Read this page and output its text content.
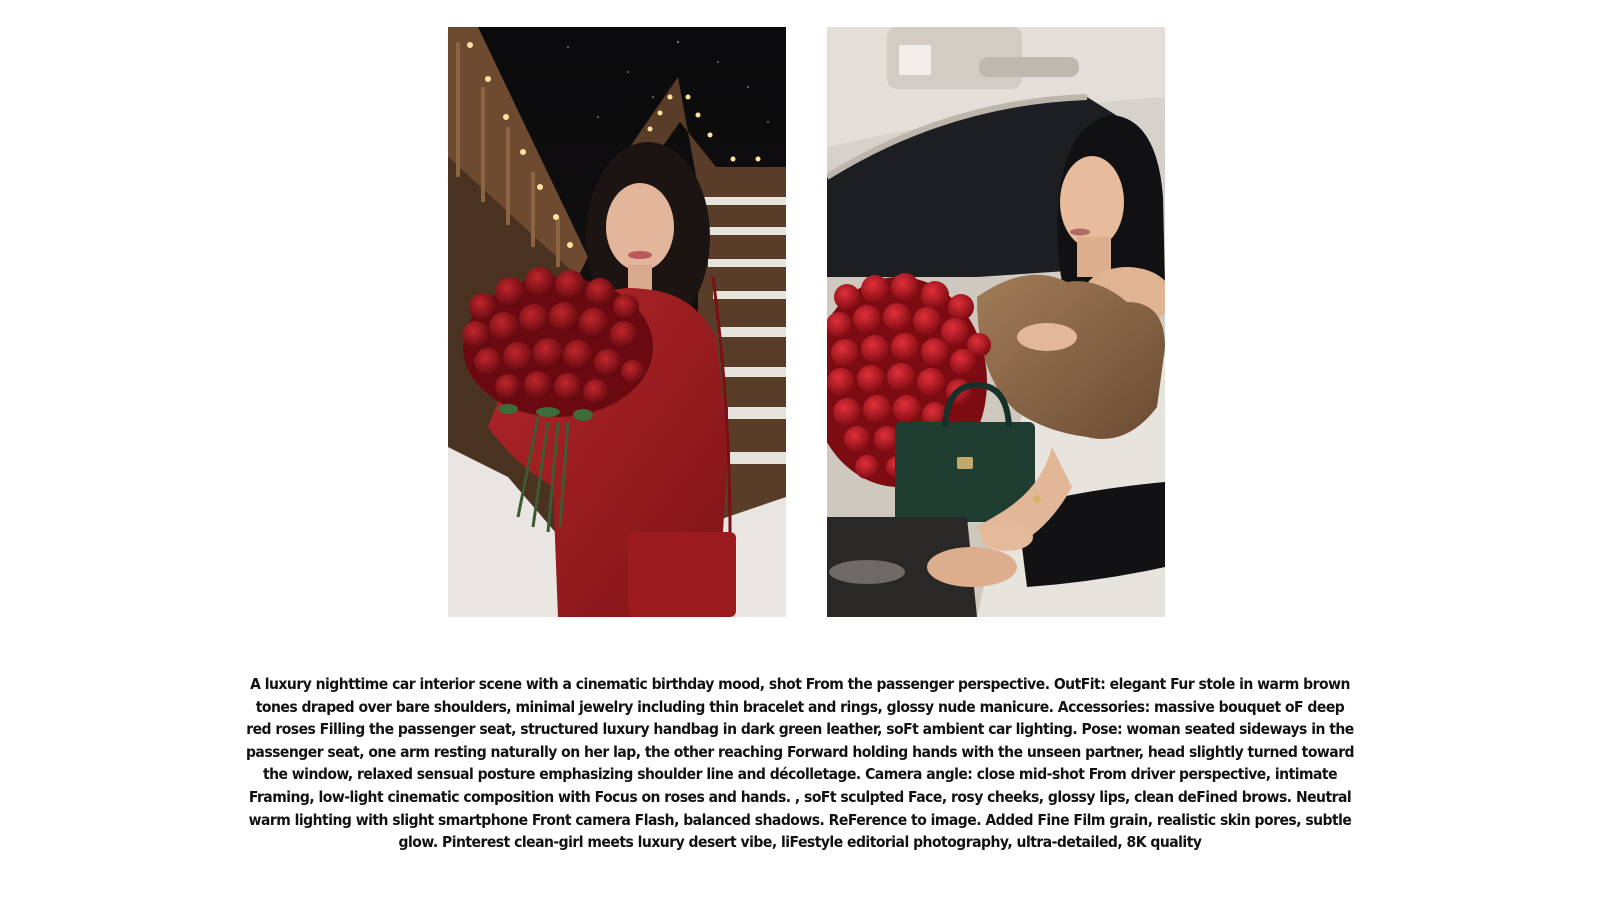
A luxury nighttime car interior scene with a cinematic birthday mood, shot From the passenger perspective. OutFit: elegant Fur stole in warm brown tones draped over bare shoulders, minimal jewelry including thin bracelet and rings, glossy nude manicure. Accessories: massive bouquet oF deep red roses Filling the passenger seat, structured luxury handbag in dark green leather, soFt ambient car lighting. Pose: woman seated sideways in the passenger seat, one arm resting naturally on her lap, the other reaching Forward holding hands with the unseen partner, head slightly turned toward the window, relaxed sensual posture emphasizing shoulder line and décolletage. Camera angle: close mid-shot From driver perspective, intimate Framing, low-light cinematic composition with Focus on roses and hands. , soFt sculpted Face, rosy cheeks, glossy lips, clean deFined brows. Neutral warm lighting with slight smartphone Front camera Flash, balanced shadows. ReFerence to image. Added Fine Film grain, realistic skin pores, subtle glow. Pinterest clean-girl meets luxury desert vibe, liFestyle editorial photography, ultra-detailed, 8K quality
